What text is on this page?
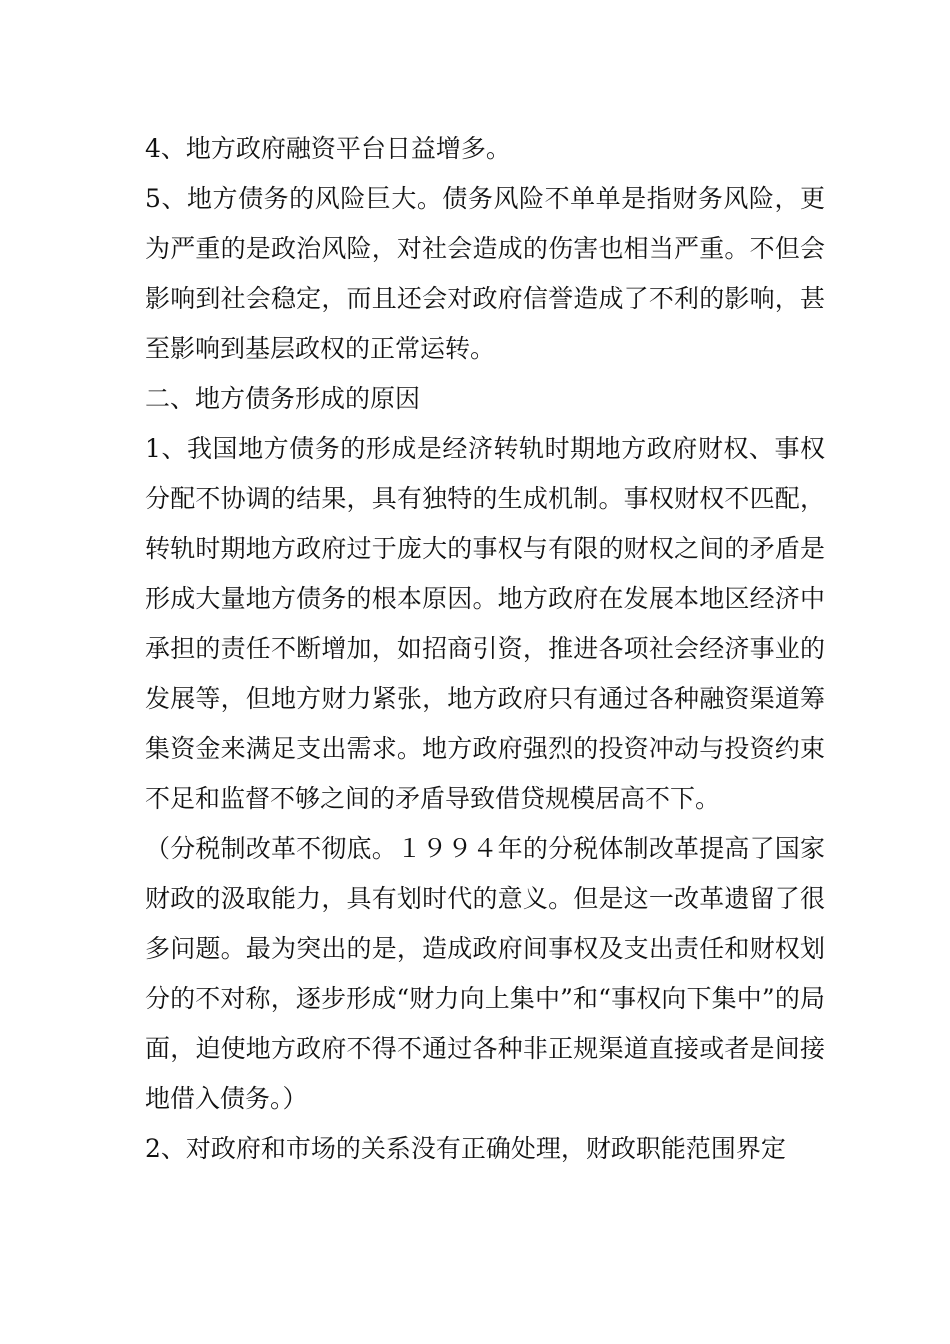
4、地方政府融资平台日益增多。

5、地方债务的风险巨大。债务风险不单单是指财务风险，更为严重的是政治风险，对社会造成的伤害也相当严重。不但会影响到社会稳定，而且还会对政府信誉造成了不利的影响，甚至影响到基层政权的正常运转。

二、地方债务形成的原因

1、我国地方债务的形成是经济转轨时期地方政府财权、事权分配不协调的结果，具有独特的生成机制。事权财权不匹配，转轨时期地方政府过于庞大的事权与有限的财权之间的矛盾是形成大量地方债务的根本原因。地方政府在发展本地区经济中承担的责任不断增加，如招商引资，推进各项社会经济事业的发展等，但地方财力紧张，地方政府只有通过各种融资渠道筹集资金来满足支出需求。地方政府强烈的投资冲动与投资约束不足和监督不够之间的矛盾导致借贷规模居高不下。

（分税制改革不彻底。１９９４年的分税体制改革提高了国家财政的汲取能力，具有划时代的意义。但是这一改革遗留了很多问题。最为突出的是，造成政府间事权及支出责任和财权划分的不对称，逐步形成“财力向上集中”和“事权向下集中”的局面，迫使地方政府不得不通过各种非正规渠道直接或者是间接地借入债务。）

2、对政府和市场的关系没有正确处理，财政职能范围界定
